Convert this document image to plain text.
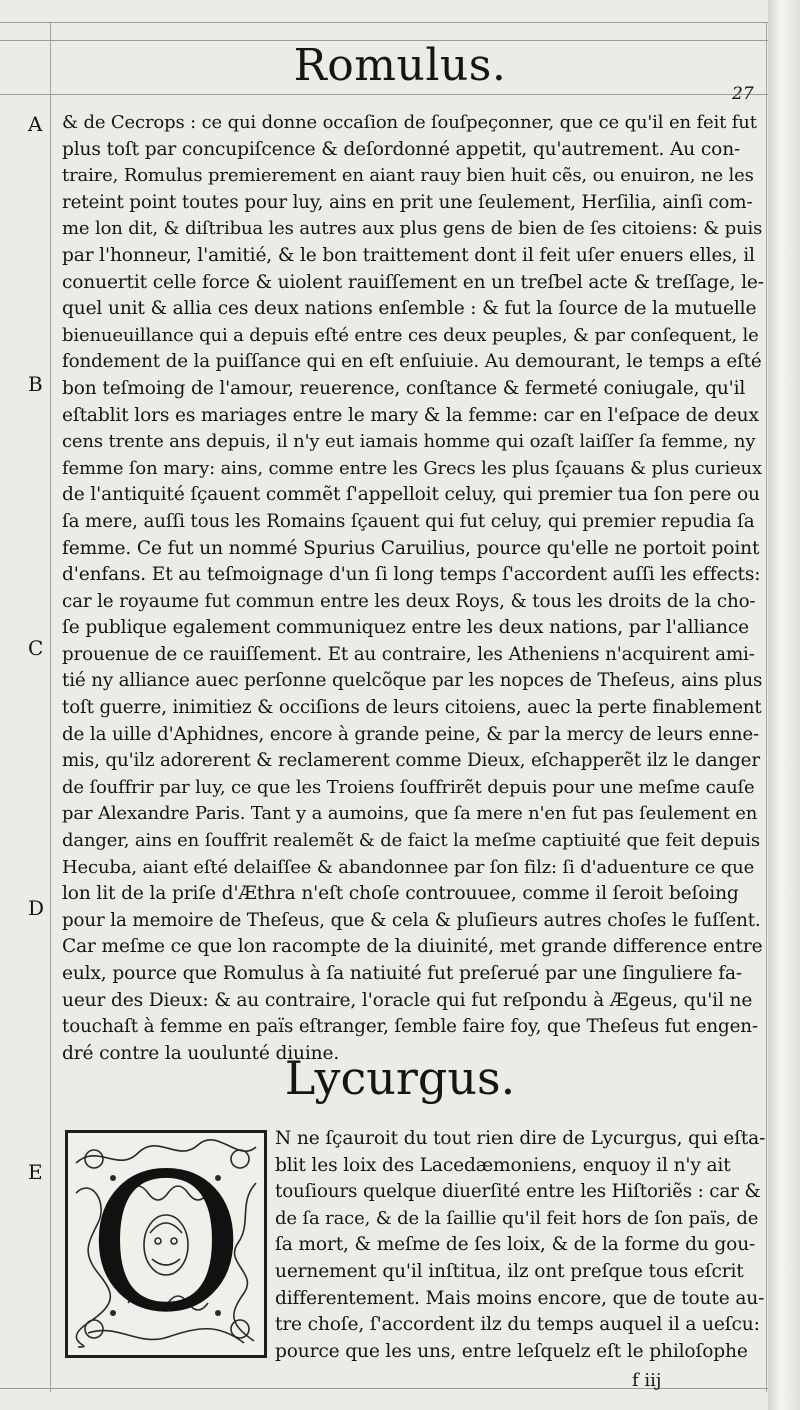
Romulus.
27
A
B
C
D
E
& de Cecrops : ce qui donne occaſion de ſouſpeçonner, que ce qu'il en feit fut
plus toſt par concupiſcence & deſordonné appetit, qu'autrement. Au con-
traire, Romulus premierement en aiant rauy bien huit cẽs, ou enuiron, ne les
reteint point toutes pour luy, ains en prit une ſeulement, Herſilia, ainſi com-
me lon dit, & diſtribua les autres aux plus gens de bien de ſes citoiens: & puis
par l'honneur, l'amitié, & le bon traittement dont il feit uſer enuers elles, il
conuertit celle force & uiolent rauiſſement en un treſbel acte & treſſage, le-
quel unit & allia ces deux nations enſemble : & fut la ſource de la mutuelle
bienueuillance qui a depuis eſté entre ces deux peuples, & par conſequent, le
fondement de la puiſſance qui en eſt enſuiuie. Au demourant, le temps a eſté
bon teſmoing de l'amour, reuerence, conſtance & fermeté coniugale, qu'il
eſtablit lors es mariages entre le mary & la femme: car en l'eſpace de deux
cens trente ans depuis, il n'y eut iamais homme qui ozaſt laiſſer ſa femme, ny
femme ſon mary: ains, comme entre les Grecs les plus ſçauans & plus curieux
de l'antiquité ſçauent commẽt ſ'appelloit celuy, qui premier tua ſon pere ou
ſa mere, auſſi tous les Romains ſçauent qui fut celuy, qui premier repudia ſa
femme. Ce fut un nommé Spurius Caruilius, pource qu'elle ne portoit point
d'enfans. Et au teſmoignage d'un ſi long temps ſ'accordent auſſi les effects:
car le royaume fut commun entre les deux Roys, & tous les droits de la cho-
ſe publique egalement communiquez entre les deux nations, par l'alliance
prouenue de ce rauiſſement. Et au contraire, les Atheniens n'acquirent ami-
tié ny alliance auec perſonne quelcõque par les nopces de Theſeus, ains plus
toſt guerre, inimitiez & occiſions de leurs citoiens, auec la perte finablement
de la uille d'Aphidnes, encore à grande peine, & par la mercy de leurs enne-
mis, qu'ilz adorerent & reclamerent comme Dieux, eſchapperẽt ilz le danger
de ſouffrir par luy, ce que les Troiens ſouffrirẽt depuis pour une meſme cauſe
par Alexandre Paris. Tant y a aumoins, que ſa mere n'en fut pas ſeulement en
danger, ains en ſouffrit realemẽt & de faict la meſme captiuité que feit depuis
Hecuba, aiant eſté delaiſſee & abandonnee par ſon filz: ſi d'aduenture ce que
lon lit de la priſe d'Æthra n'eſt choſe controuuee, comme il ſeroit beſoing
pour la memoire de Theſeus, que & cela & pluſieurs autres choſes le fuſſent.
Car meſme ce que lon racompte de la diuinité, met grande difference entre
eulx, pource que Romulus à ſa natiuité fut preſerué par une ſinguliere fa-
ueur des Dieux: & au contraire, l'oracle qui fut reſpondu à Ægeus, qu'il ne
touchaſt à femme en païs eſtranger, ſemble faire foy, que Theſeus fut engen-
dré contre la uoulunté diuine.
Lycurgus.
O	N ne ſçauroit du tout rien dire de Lycurgus, qui eſta-
blit les loix des Lacedæmoniens, enquoy il n'y ait
touſiours quelque diuerſité entre les Hiſtoriẽs : car &
de ſa race, & de la ſaillie qu'il feit hors de ſon païs, de
ſa mort, & meſme de ſes loix, & de la forme du gou-
uernement qu'il inſtitua, ilz ont preſque tous eſcrit
differentement. Mais moins encore, que de toute au-
tre choſe, ſ'accordent ilz du temps auquel il a ueſcu:
pource que les uns, entre leſquelz eſt le philoſophe
f iij
